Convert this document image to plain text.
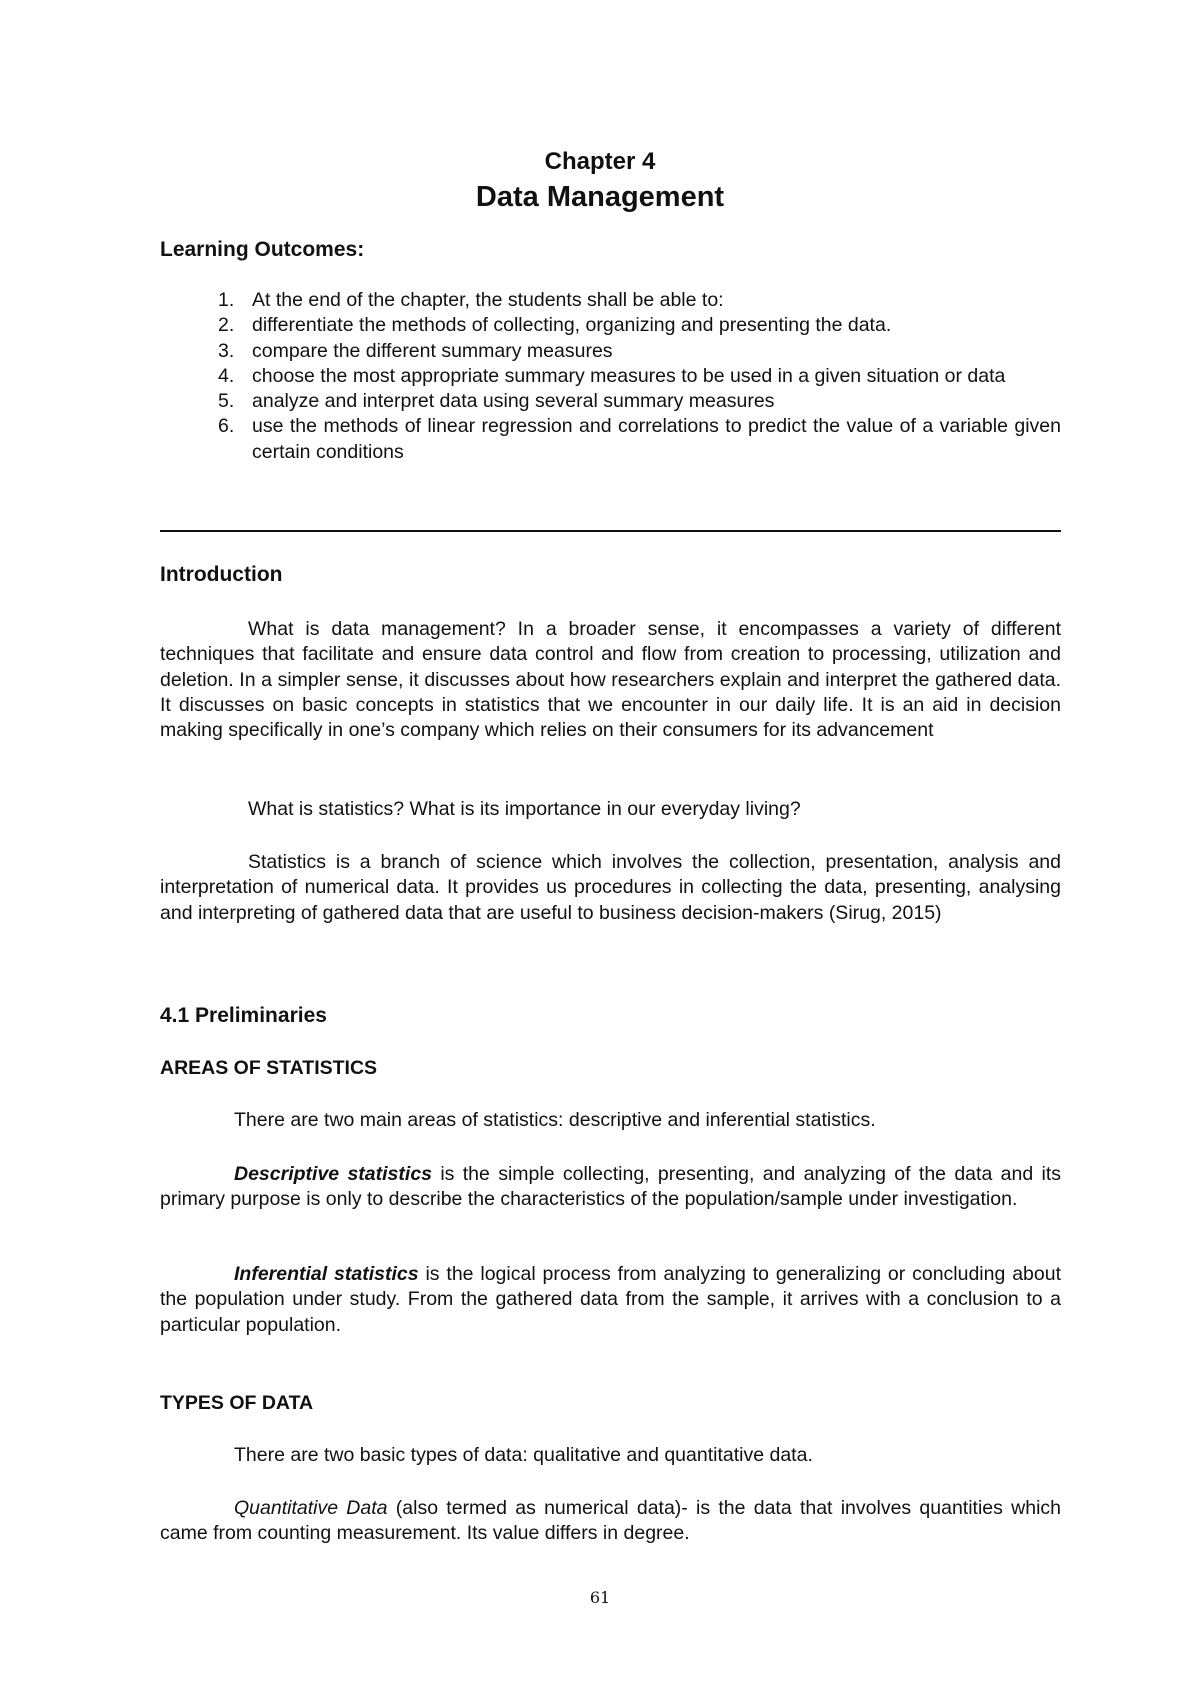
Chapter 4
Data Management
Learning Outcomes:
1. At the end of the chapter, the students shall be able to:
2. differentiate the methods of collecting, organizing and presenting the data.
3. compare the different summary measures
4. choose the most appropriate summary measures to be used in a given situation or data
5. analyze and interpret data using several summary measures
6. use the methods of linear regression and correlations to predict the value of a variable given certain conditions
Introduction

What is data management? In a broader sense, it encompasses a variety of different techniques that facilitate and ensure data control and flow from creation to processing, utilization and deletion. In a simpler sense, it discusses about how researchers explain and interpret the gathered data. It discusses on basic concepts in statistics that we encounter in our daily life. It is an aid in decision making specifically in one’s company which relies on their consumers for its advancement

What is statistics? What is its importance in our everyday living?

Statistics is a branch of science which involves the collection, presentation, analysis and interpretation of numerical data. It provides us procedures in collecting the data, presenting, analysing and interpreting of gathered data that are useful to business decision-makers (Sirug, 2015)

4.1 Preliminaries
AREAS OF STATISTICS

There are two main areas of statistics: descriptive and inferential statistics.

Descriptive statistics is the simple collecting, presenting, and analyzing of the data and its primary purpose is only to describe the characteristics of the population/sample under investigation.

Inferential statistics is the logical process from analyzing to generalizing or concluding about the population under study. From the gathered data from the sample, it arrives with a conclusion to a particular population.

TYPES OF DATA

There are two basic types of data: qualitative and quantitative data.

Quantitative Data (also termed as numerical data)- is the data that involves quantities which came from counting measurement. Its value differs in degree.

61
